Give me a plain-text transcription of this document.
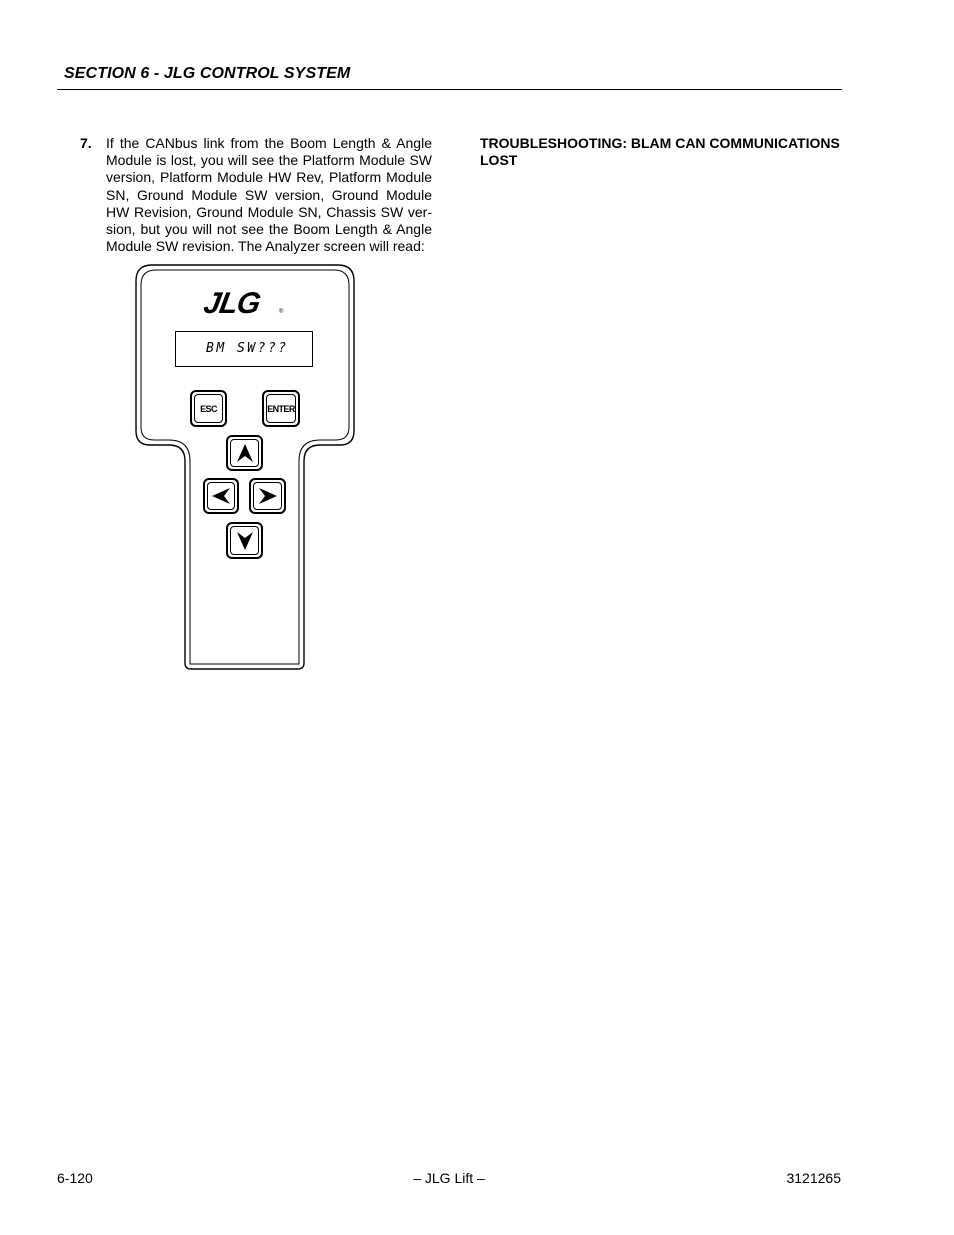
SECTION 6 - JLG CONTROL SYSTEM
7. If the CANbus link from the Boom Length & Angle Module is lost, you will see the Platform Module SW version, Platform Module HW Rev, Platform Module SN, Ground Module SW version, Ground Module HW Revision, Ground Module SN, Chassis SW version, but you will not see the Boom Length & Angle Module SW revision. The Analyzer screen will read:
TROUBLESHOOTING: BLAM CAN COMMUNICATIONS LOST
JLG	®
BM SW???
ESC	ENTER
6-120	– JLG Lift –	3121265
